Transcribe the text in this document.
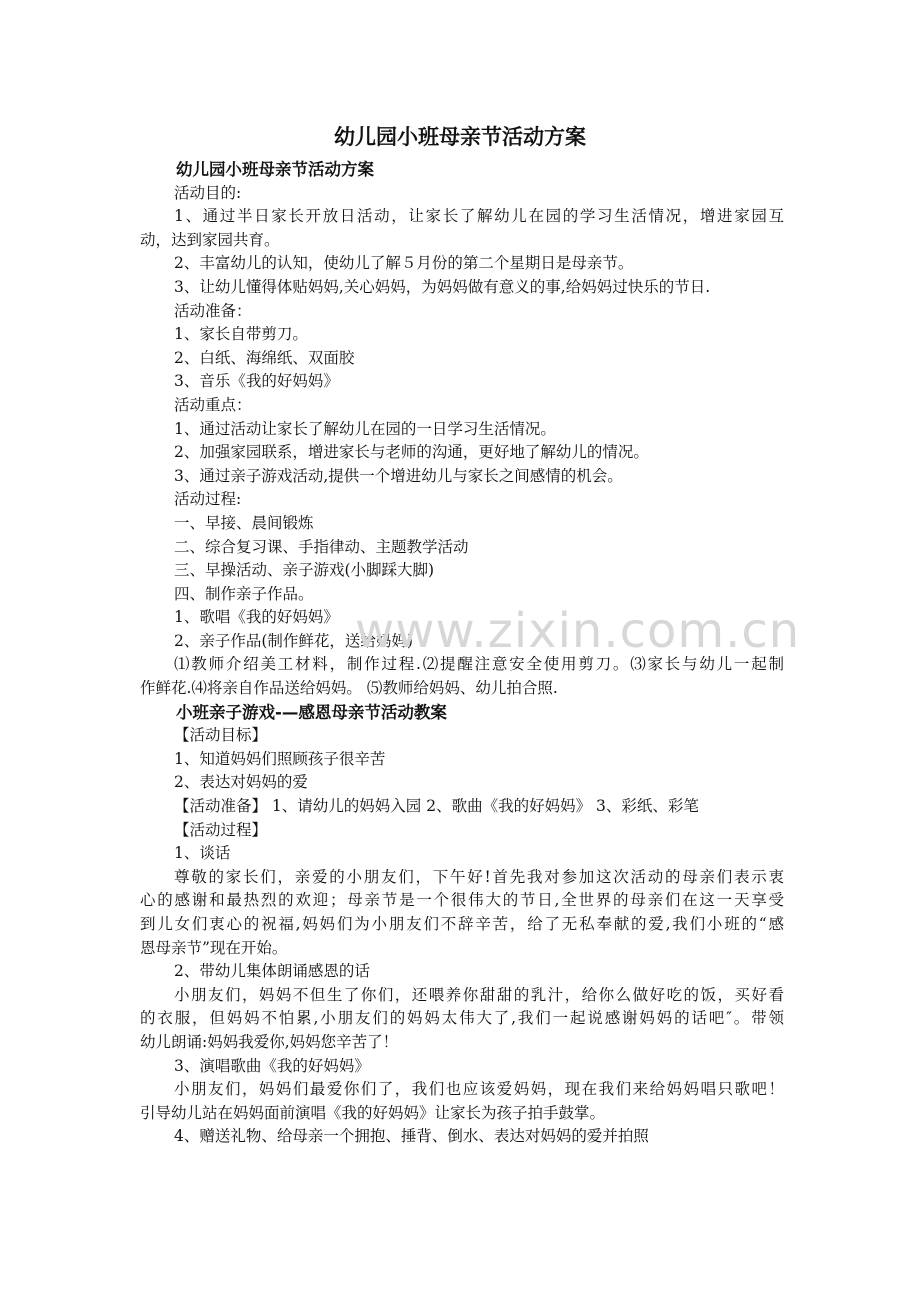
幼儿园小班母亲节活动方案
幼儿园小班母亲节活动方案
活动目的:
1、通过半日家长开放日活动，让家长了解幼儿在园的学习生活情况，增进家园互
动，达到家园共育。
2、丰富幼儿的认知，使幼儿了解５月份的第二个星期日是母亲节。
3、让幼儿懂得体贴妈妈,关心妈妈，为妈妈做有意义的事,给妈妈过快乐的节日.
活动准备：
1、家长自带剪刀。
2、白纸、海绵纸、双面胶
3、音乐《我的好妈妈》
活动重点：
1、通过活动让家长了解幼儿在园的一日学习生活情况。
2、加强家园联系，增进家长与老师的沟通，更好地了解幼儿的情况。
3、通过亲子游戏活动,提供一个增进幼儿与家长之间感情的机会。
活动过程:
一、早接、晨间锻炼
二、综合复习课、手指律动、主题教学活动
三、早操活动、亲子游戏(小脚踩大脚)
四、制作亲子作品。
1、歌唱《我的好妈妈》
2、亲子作品(制作鲜花，送给妈妈)
⑴教师介绍美工材料，制作过程.⑵提醒注意安全使用剪刀。⑶家长与幼儿一起制
作鲜花.⑷将亲自作品送给妈妈。 ⑸教师给妈妈、幼儿拍合照.
小班亲子游戏-—感恩母亲节活动教案
【活动目标】
1、知道妈妈们照顾孩子很辛苦
2、表达对妈妈的爱
【活动准备】 1、请幼儿的妈妈入园 2、歌曲《我的好妈妈》 3、彩纸、彩笔
【活动过程】
1、谈话
尊敬的家长们，亲爱的小朋友们，下午好!首先我对参加这次活动的母亲们表示衷
心的感谢和最热烈的欢迎；母亲节是一个很伟大的节日,全世界的母亲们在这一天享受
到儿女们衷心的祝福,妈妈们为小朋友们不辞辛苦，给了无私奉献的爱,我们小班的“感
恩母亲节”现在开始。
2、带幼儿集体朗诵感恩的话
小朋友们，妈妈不但生了你们，还喂养你甜甜的乳汁，给你么做好吃的饭，买好看
的衣服，但妈妈不怕累,小朋友们的妈妈太伟大了,我们一起说感谢妈妈的话吧″。带领
幼儿朗诵:妈妈我爱你,妈妈您辛苦了！
3、演唱歌曲《我的好妈妈》
小朋友们，妈妈们最爱你们了，我们也应该爱妈妈，现在我们来给妈妈唱只歌吧！
引导幼儿站在妈妈面前演唱《我的好妈妈》让家长为孩子拍手鼓掌。
4、赠送礼物、给母亲一个拥抱、捶背、倒水、表达对妈妈的爱并拍照
www.zixin.com.cn
